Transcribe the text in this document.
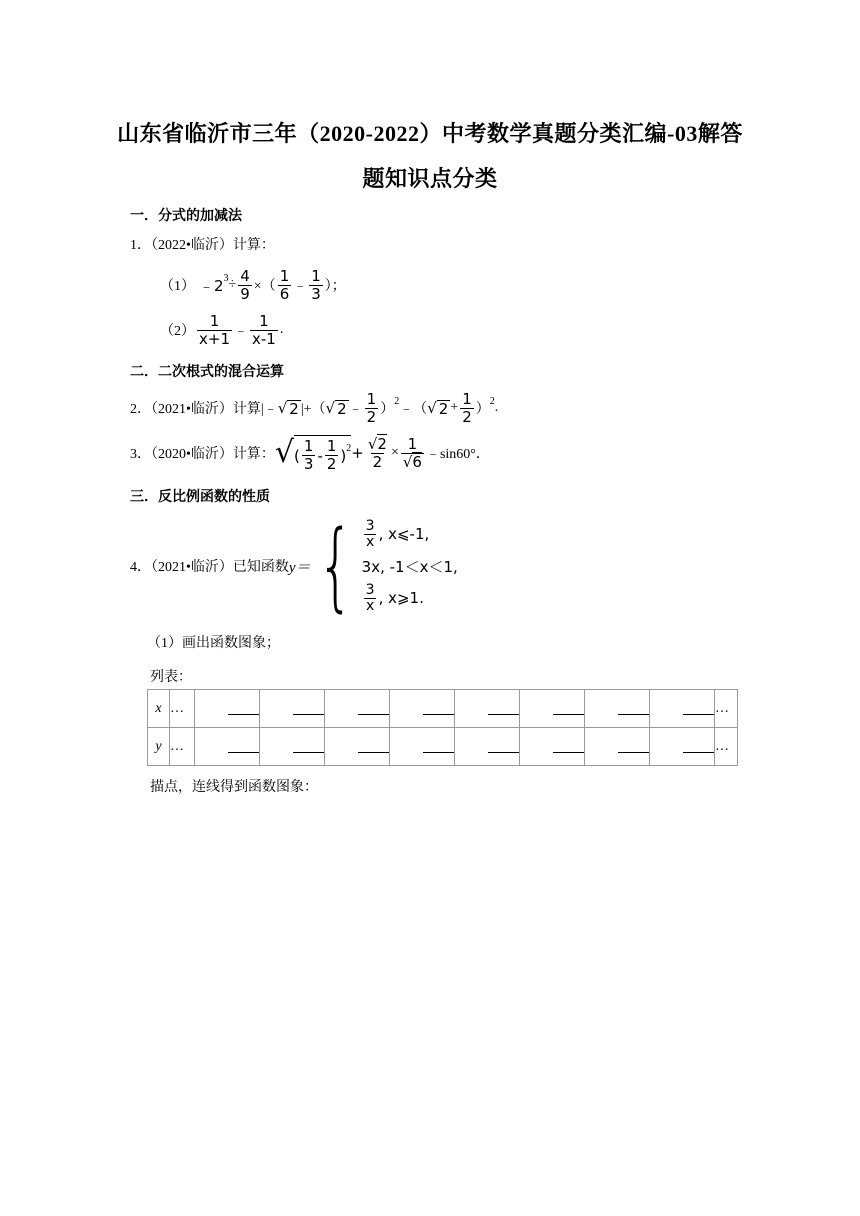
山东省临沂市三年（2020-2022）中考数学真题分类汇编-03解答
题知识点分类
一．分式的加减法
1．（2022•临沂）计算：
（1） ﹣2 $3 \div \frac{4}{9}$ ×（ $\frac{1}{6}$ ﹣ $\frac{1}{3}$ ）；
$(2) \frac{1}{x+1}$ ﹣ $\frac{1}{x-1}$ .
二．二次根式的混合运算
2．（2021•临沂）计算|﹣ √ 2 |+（ √ 2 ﹣ $\frac{1}{2}$ ）
2
﹣（ √ $2 + \frac{1}{2}$ ）
2 .
3．（2020•临沂）计算： √ ( $\frac{1}{3} - \frac{1}{2}$ ) $2 + \frac{√2}{2} \times \frac{1}{√6}$ ﹣sin60°．
三．反比例函数的性质
4．（2021•临沂）已知函数 y＝ { $\frac{3}{x}$ , x⩽-1,
3x, -1＜x＜1,
$\frac{3}{x}$ , x⩾1.
（1）画出函数图象；
列表：
x	…									…
y	…									…
描点，连线得到函数图象：
